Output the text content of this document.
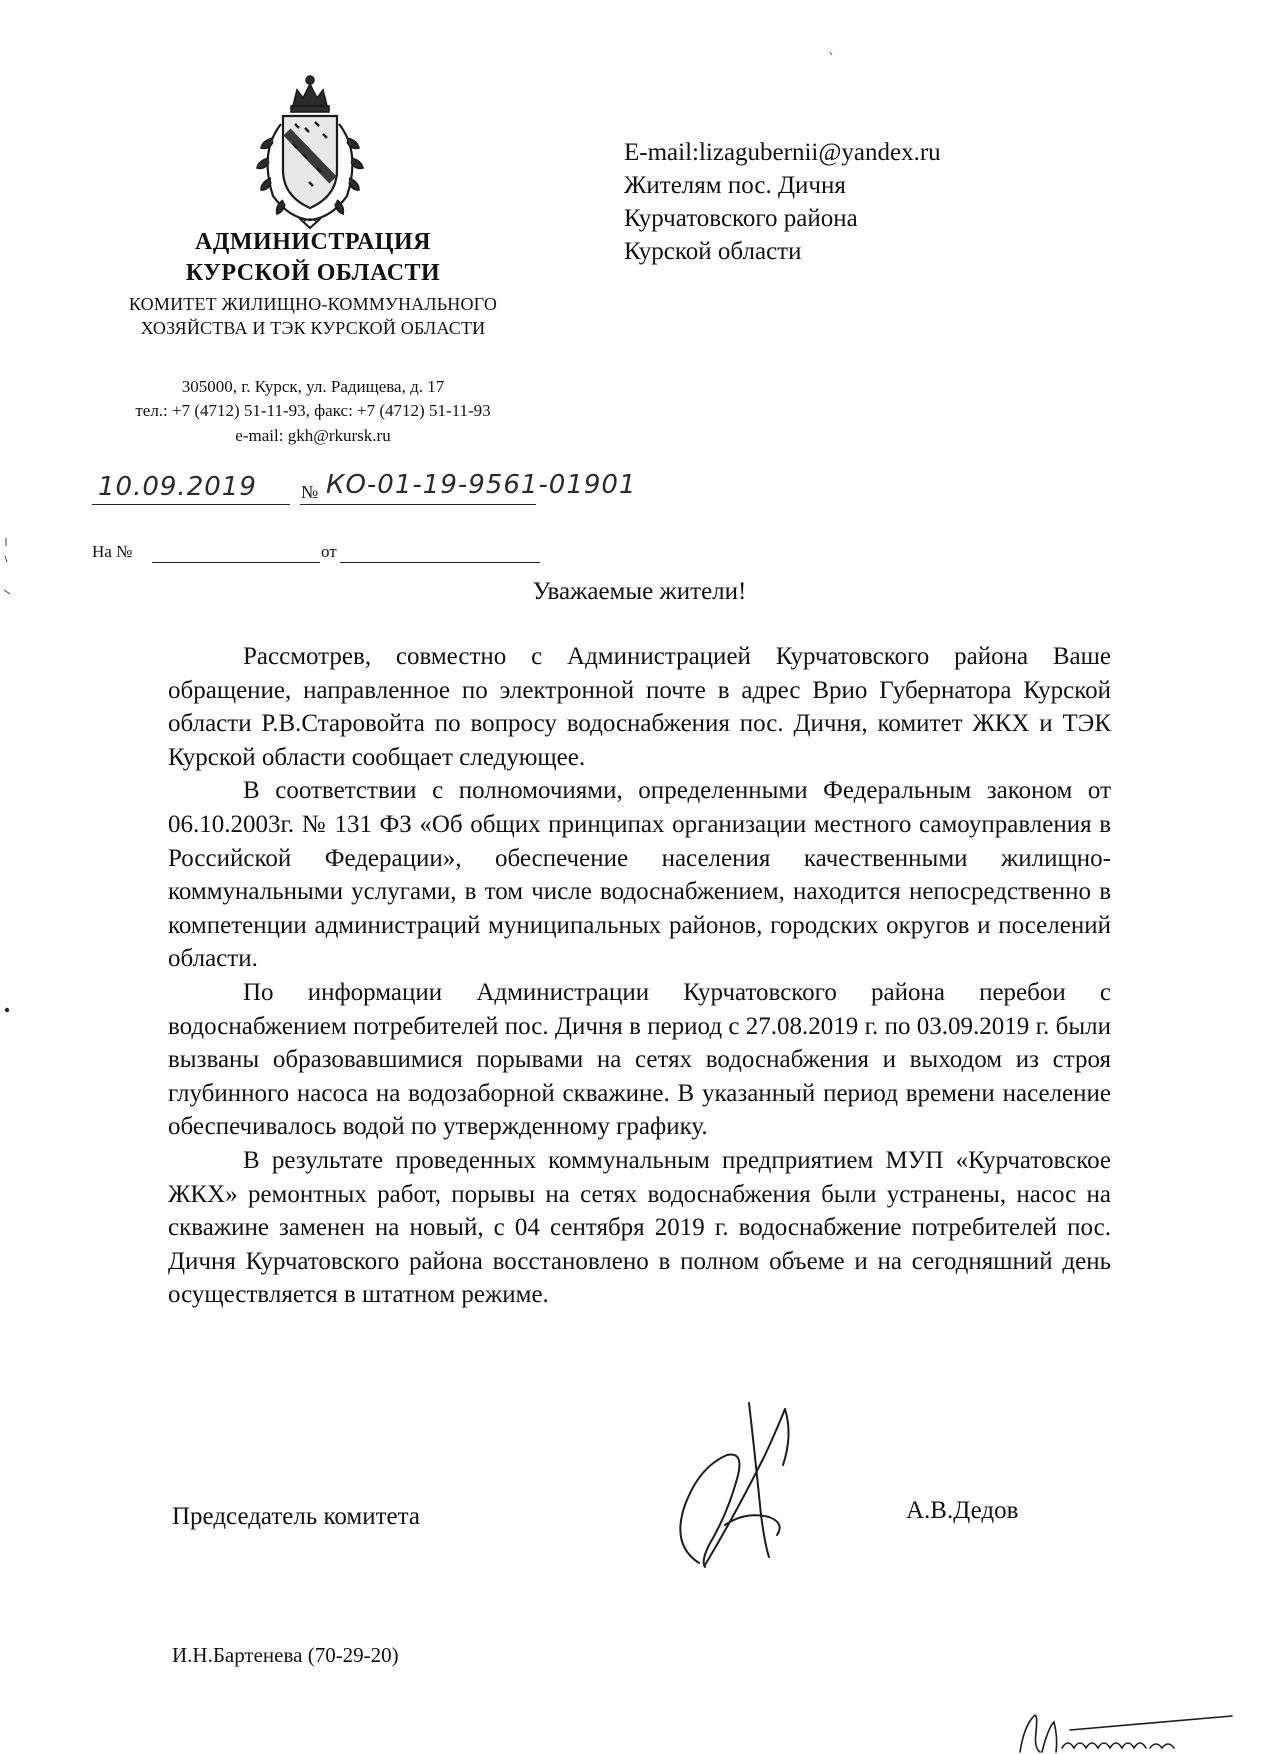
АДМИНИСТРАЦИЯ
КУРСКОЙ ОБЛАСТИ
КОМИТЕТ ЖИЛИЩНО-КОММУНАЛЬНОГО
ХОЗЯЙСТВА И ТЭК КУРСКОЙ ОБЛАСТИ
305000, г. Курск, ул. Радищева, д. 17
тел.: +7 (4712) 51-11-93, факс: +7 (4712) 51-11-93
e-mail: gkh@rkursk.ru
10.09.2019 № КО-01-19-9561-01901
На №	от
E-mail:lizagubernii@yandex.ru
Жителям пос. Дичня
Курчатовского района
Курской области
Уважаемые жители!

Рассмотрев, совместно с Администрацией Курчатовского района Ваше обращение, направленное по электронной почте в адрес Врио Губернатора Курской области Р.В.Старовойта по вопросу водоснабжения пос. Дичня, комитет ЖКХ и ТЭК Курской области сообщает следующее.

В соответствии с полномочиями, определенными Федеральным законом от 06.10.2003г. № 131 ФЗ «Об общих принципах организации местного самоуправления в Российской Федерации», обеспечение населения качественными жилищно-коммунальными услугами, в том числе водоснабжением, находится непосредственно в компетенции администраций муниципальных районов, городских округов и поселений области.

По информации Администрации Курчатовского района перебои с водоснабжением потребителей пос. Дичня в период с 27.08.2019 г. по 03.09.2019 г. были вызваны образовавшимися порывами на сетях водоснабжения и выходом из строя глубинного насоса на водозаборной скважине. В указанный период времени население обеспечивалось водой по утвержденному графику.

В результате проведенных коммунальным предприятием МУП «Курчатовское ЖКХ» ремонтных работ, порывы на сетях водоснабжения были устранены, насос на скважине заменен на новый, с 04 сентября 2019 г. водоснабжение потребителей пос. Дичня Курчатовского района восстановлено в полном объеме и на сегодняшний день осуществляется в штатном режиме.

Председатель комитета	А.В.Дедов
И.Н.Бартенева (70-29-20)
